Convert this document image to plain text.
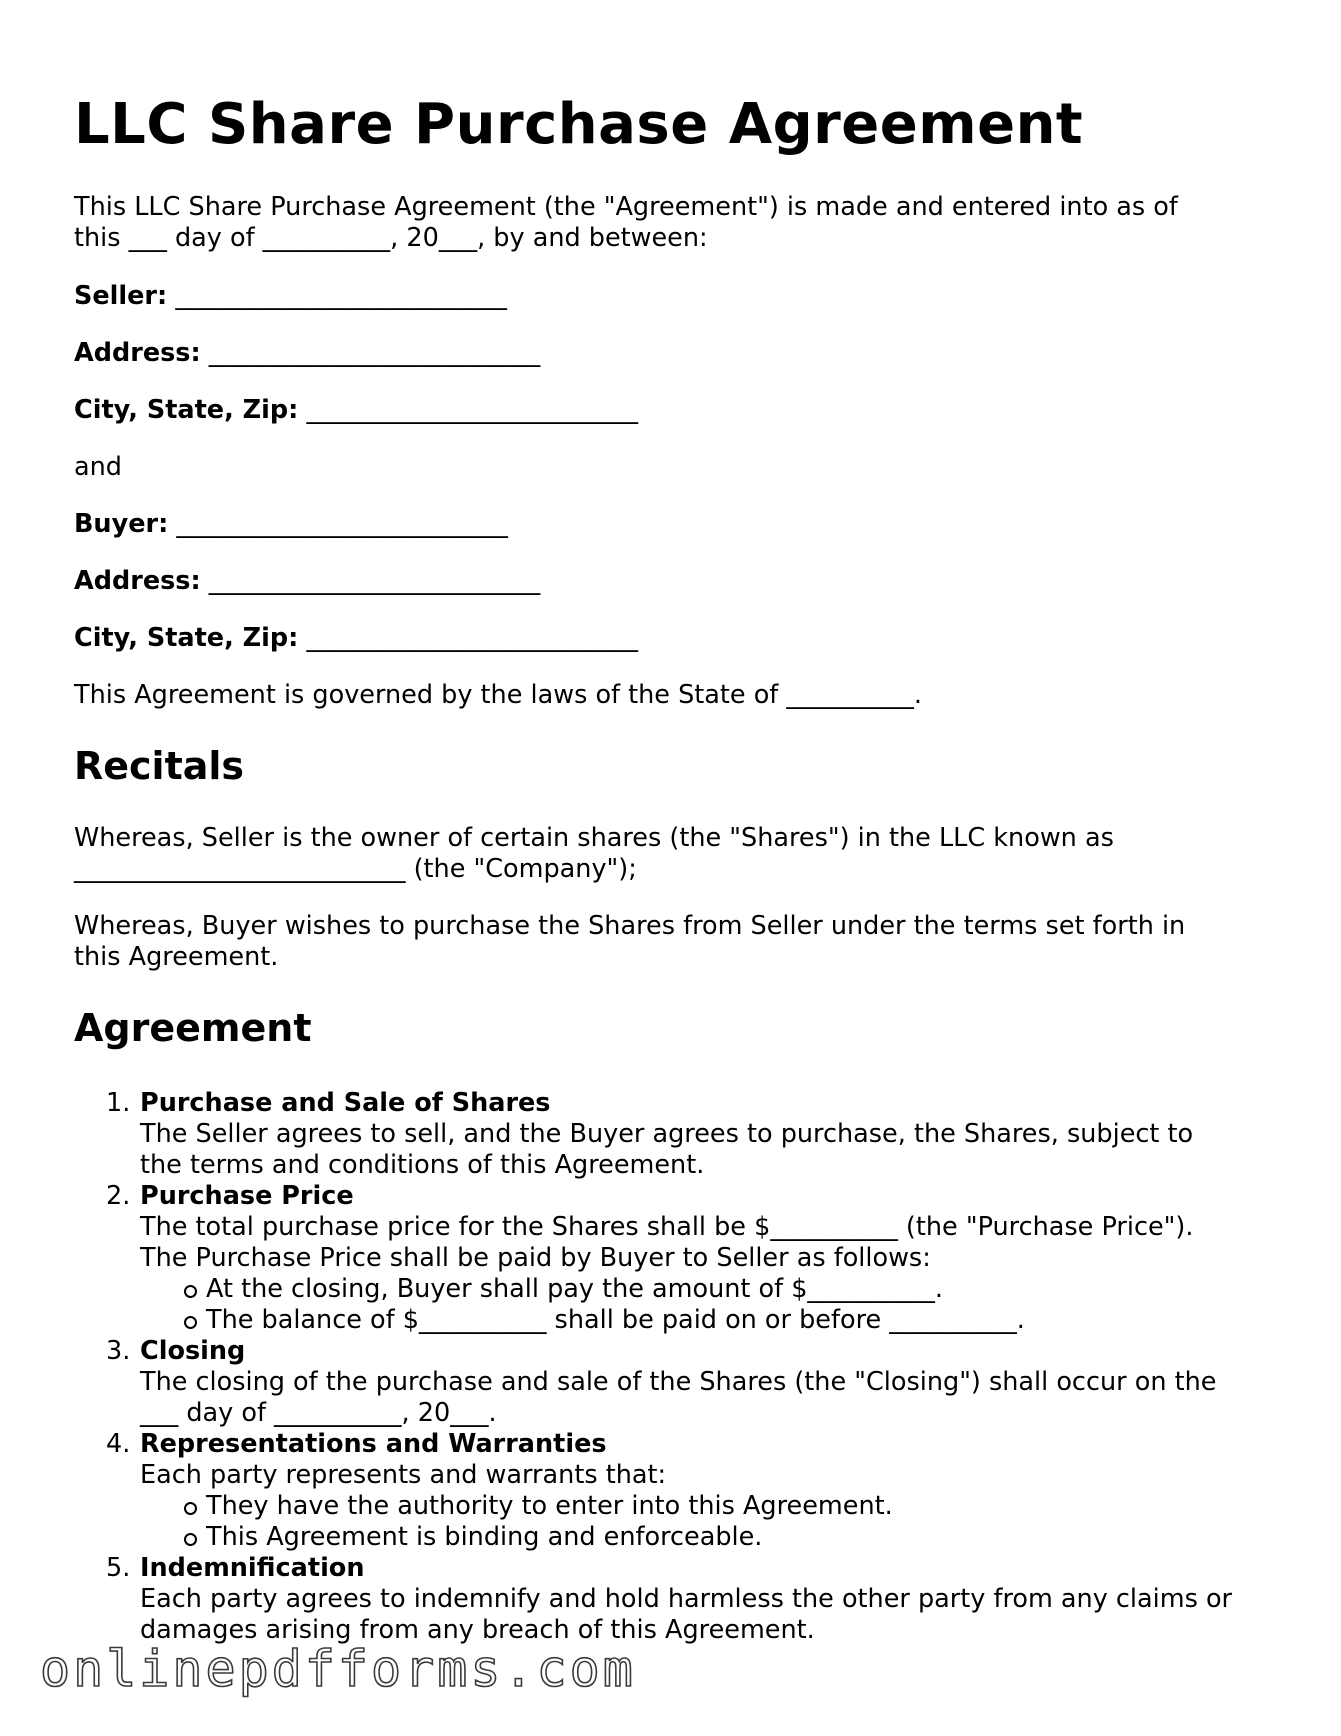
LLC Share Purchase Agreement

This LLC Share Purchase Agreement (the "Agreement") is made and entered into as of

this ___ day of __________, 20___, by and between:

Seller: __________________________

Address: __________________________

City, State, Zip: __________________________

and

Buyer: __________________________

Address: __________________________

City, State, Zip: __________________________

This Agreement is governed by the laws of the State of __________.

Recitals

Whereas, Seller is the owner of certain shares (the "Shares") in the LLC known as

__________________________ (the "Company");

Whereas, Buyer wishes to purchase the Shares from Seller under the terms set forth in

this Agreement.

Agreement
1. Purchase and Sale of Shares
The Seller agrees to sell, and the Buyer agrees to purchase, the Shares, subject to
the terms and conditions of this Agreement.
2. Purchase Price
The total purchase price for the Shares shall be $__________ (the "Purchase Price").
The Purchase Price shall be paid by Buyer to Seller as follows:
At the closing, Buyer shall pay the amount of $__________.
The balance of $__________ shall be paid on or before __________.
3. Closing
The closing of the purchase and sale of the Shares (the "Closing") shall occur on the
___ day of __________, 20___.
4. Representations and Warranties
Each party represents and warrants that:
They have the authority to enter into this Agreement.
This Agreement is binding and enforceable.
5. Indemnification
Each party agrees to indemnify and hold harmless the other party from any claims or
damages arising from any breach of this Agreement.

onlinepdfforms.com
